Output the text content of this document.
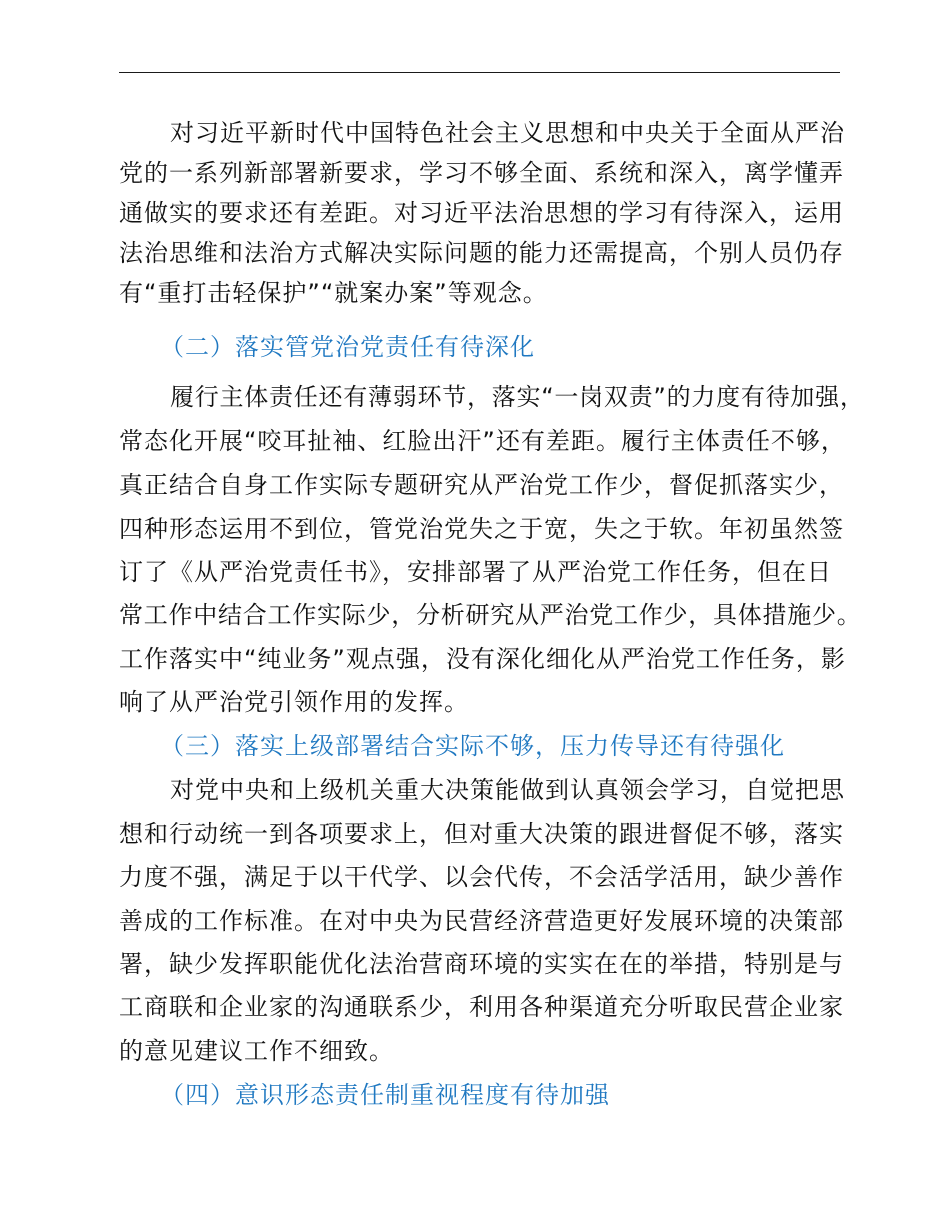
对习近平新时代中国特色社会主义思想和中央关于全面从严治
党的一系列新部署新要求，学习不够全面、系统和深入，离学懂弄
通做实的要求还有差距。对习近平法治思想的学习有待深入，运用
法治思维和法治方式解决实际问题的能力还需提高，个别人员仍存
有“重打击轻保护”“就案办案”等观念。
（二）落实管党治党责任有待深化
履行主体责任还有薄弱环节，落实“一岗双责”的力度有待加强，
常态化开展“咬耳扯袖、红脸出汗”还有差距。履行主体责任不够，
真正结合自身工作实际专题研究从严治党工作少，督促抓落实少，
四种形态运用不到位，管党治党失之于宽，失之于软。年初虽然签
订了《从严治党责任书》，安排部署了从严治党工作任务，但在日
常工作中结合工作实际少，分析研究从严治党工作少，具体措施少。
工作落实中“纯业务”观点强，没有深化细化从严治党工作任务，影
响了从严治党引领作用的发挥。
（三）落实上级部署结合实际不够，压力传导还有待强化
对党中央和上级机关重大决策能做到认真领会学习，自觉把思
想和行动统一到各项要求上，但对重大决策的跟进督促不够，落实
力度不强，满足于以干代学、以会代传，不会活学活用，缺少善作
善成的工作标准。在对中央为民营经济营造更好发展环境的决策部
署，缺少发挥职能优化法治营商环境的实实在在的举措，特别是与
工商联和企业家的沟通联系少，利用各种渠道充分听取民营企业家
的意见建议工作不细致。
（四）意识形态责任制重视程度有待加强
